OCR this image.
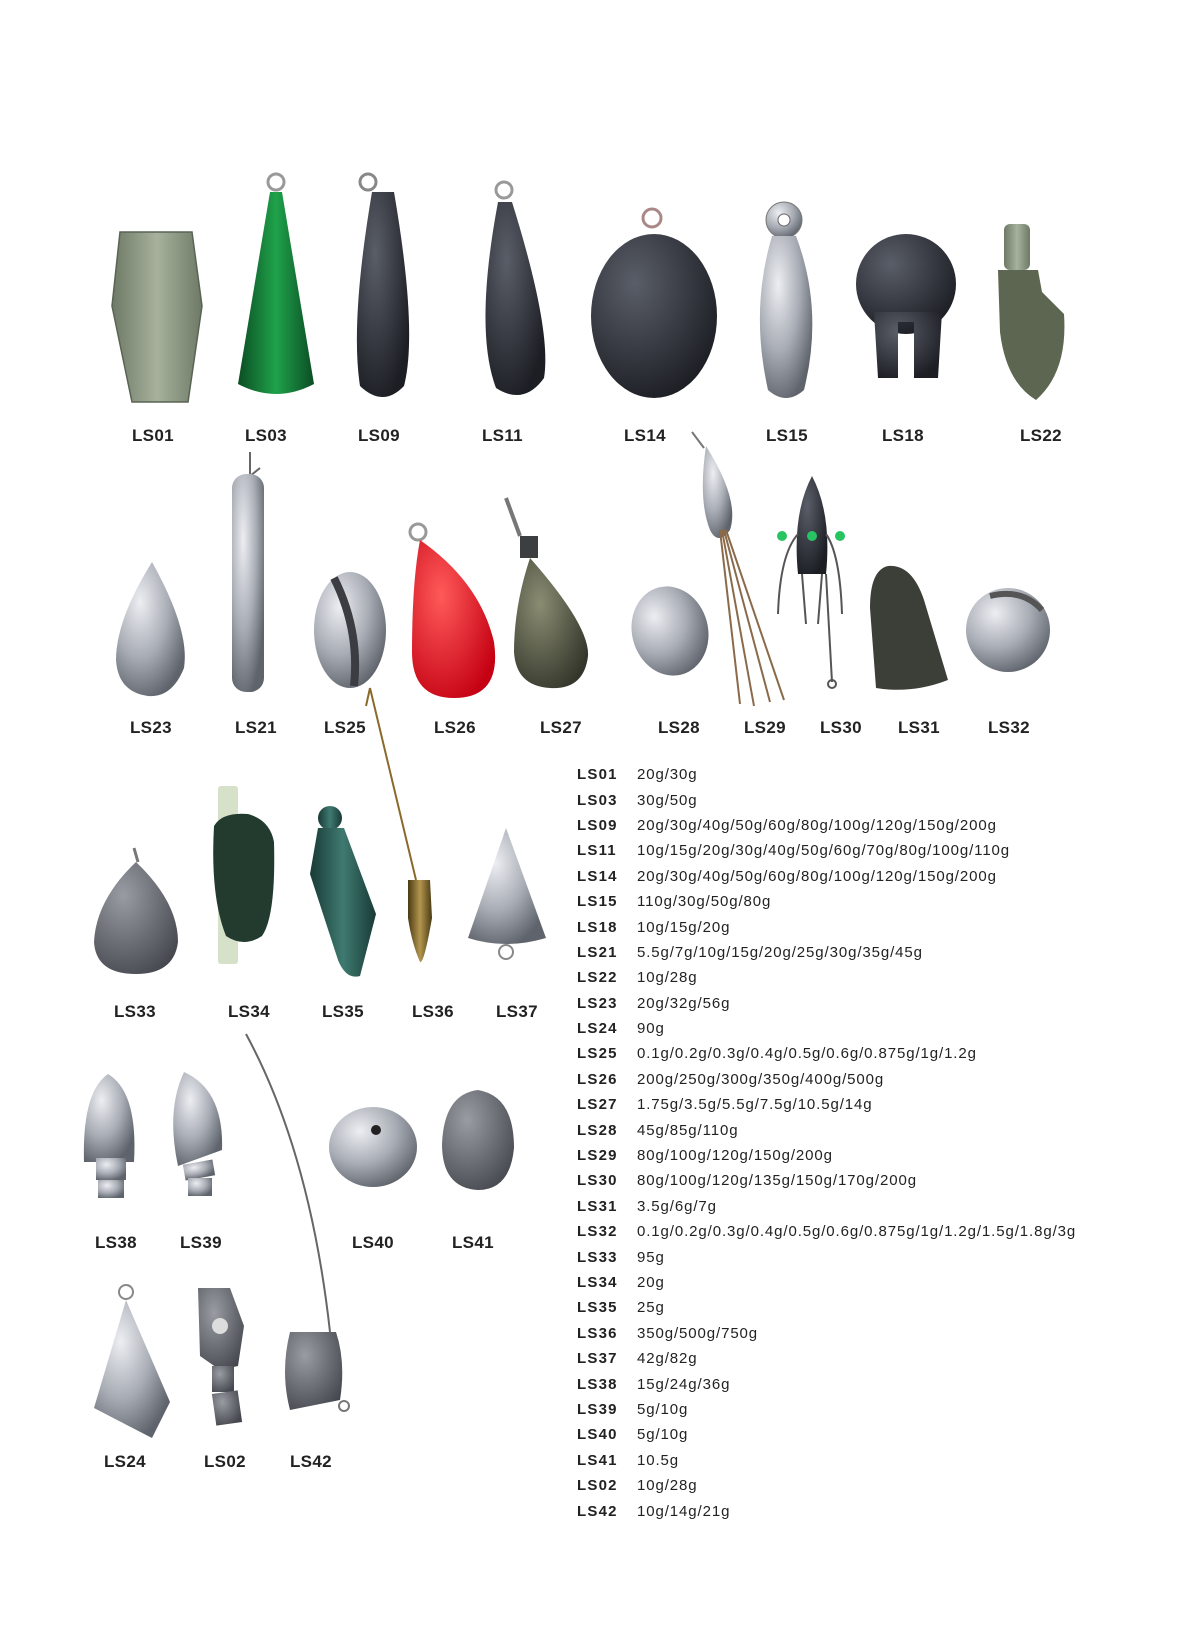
LS01	LS03	LS09	LS11	LS14	LS15	LS18	LS22
LS23	LS21	LS25	LS26	LS27	LS28	LS29 LS30 LS31	LS32
LS33	LS34	LS35	LS36 LS37
LS38	LS39	LS40	LS41
LS24	LS02	LS42
LS01	20g/30g
LS03	30g/50g
LS09	20g/30g/40g/50g/60g/80g/100g/120g/150g/200g
LS11	10g/15g/20g/30g/40g/50g/60g/70g/80g/100g/110g
LS14	20g/30g/40g/50g/60g/80g/100g/120g/150g/200g
LS15	110g/30g/50g/80g
LS18	10g/15g/20g
LS21	5.5g/7g/10g/15g/20g/25g/30g/35g/45g
LS22	10g/28g
LS23	20g/32g/56g
LS24	90g
LS25	0.1g/0.2g/0.3g/0.4g/0.5g/0.6g/0.875g/1g/1.2g
LS26	200g/250g/300g/350g/400g/500g
LS27	1.75g/3.5g/5.5g/7.5g/10.5g/14g
LS28	45g/85g/110g
LS29	80g/100g/120g/150g/200g
LS30	80g/100g/120g/135g/150g/170g/200g
LS31	3.5g/6g/7g
LS32	0.1g/0.2g/0.3g/0.4g/0.5g/0.6g/0.875g/1g/1.2g/1.5g/1.8g/3g
LS33	95g
LS34	20g
LS35	25g
LS36	350g/500g/750g
LS37	42g/82g
LS38	15g/24g/36g
LS39	5g/10g
LS40	5g/10g
LS41	10.5g
LS02	10g/28g
LS42	10g/14g/21g
